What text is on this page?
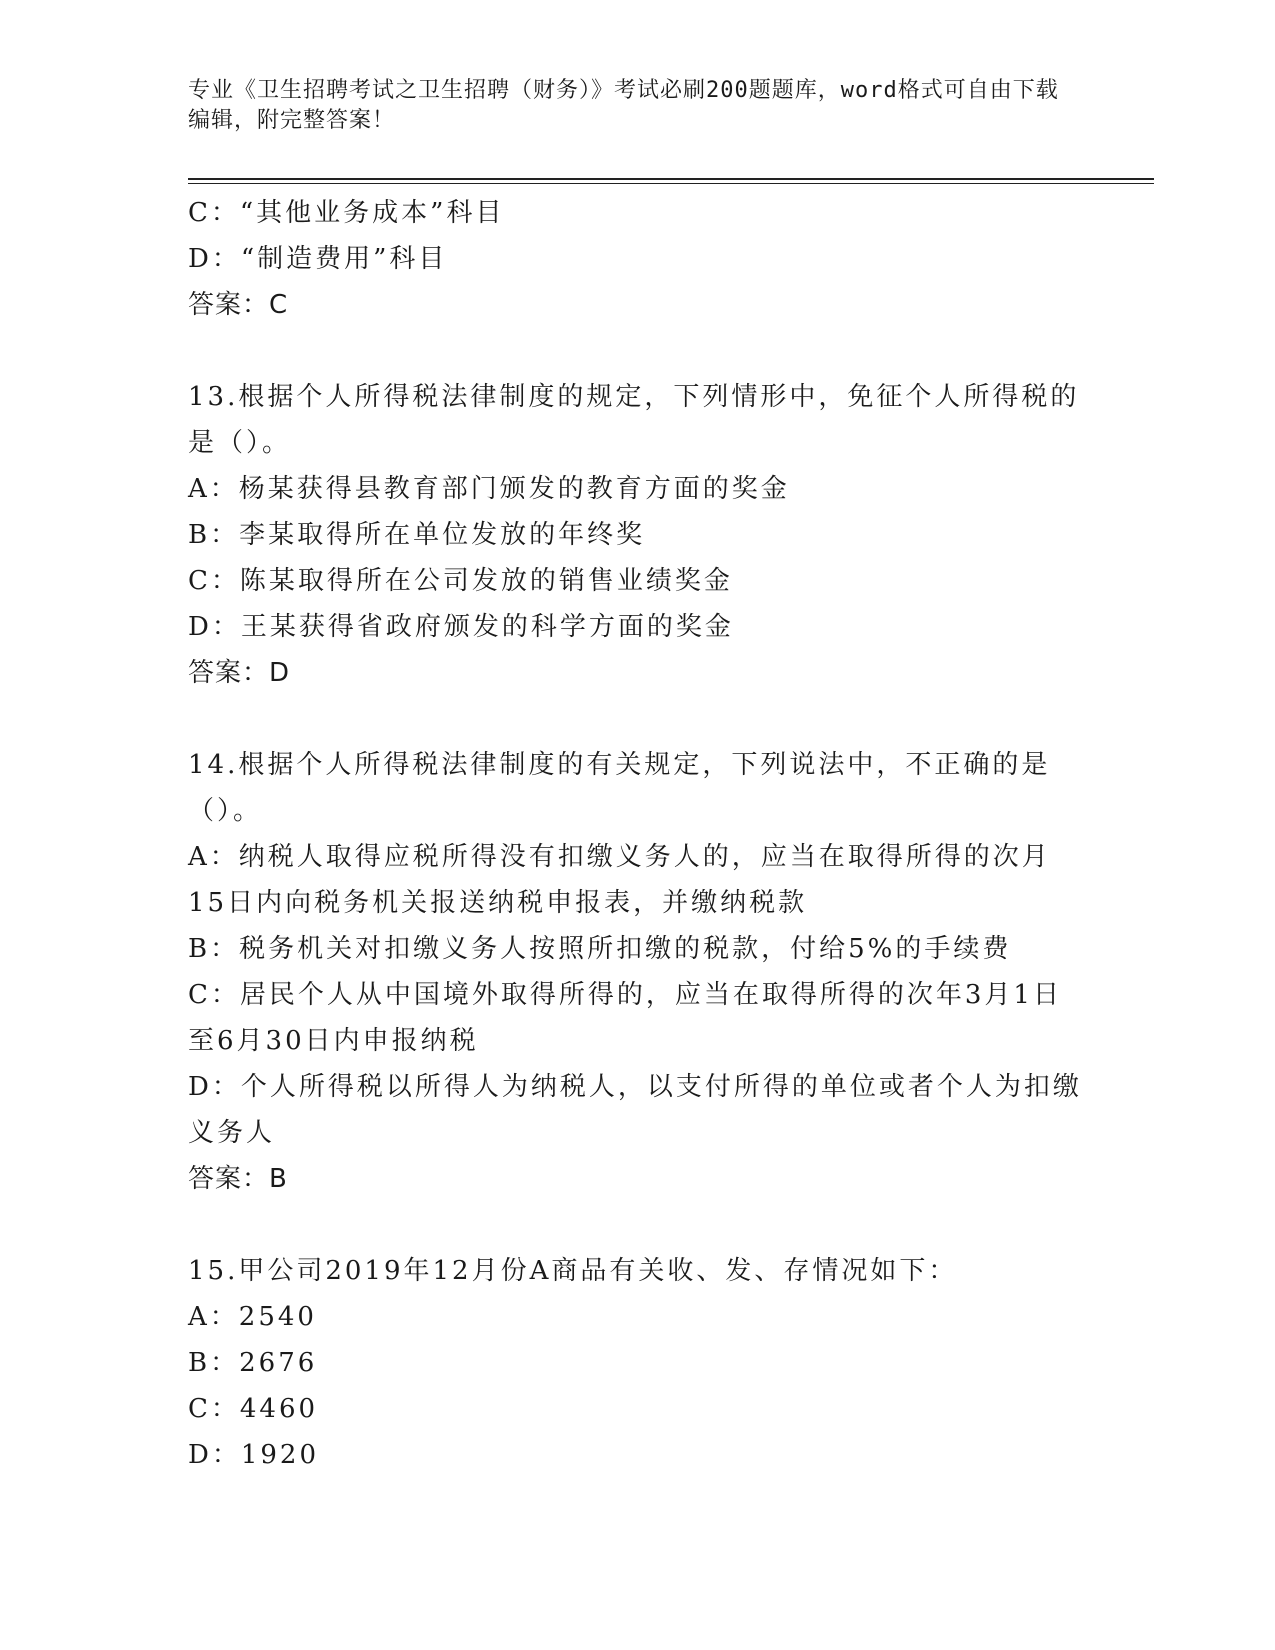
专业《卫生招聘考试之卫生招聘（财务）》考试必刷200题题库，word格式可自由下载编辑，附完整答案！
C：“其他业务成本”科目
D：“制造费用”科目
答案：C
13.根据个人所得税法律制度的规定，下列情形中，免征个人所得税的是（）。
A：杨某获得县教育部门颁发的教育方面的奖金
B：李某取得所在单位发放的年终奖
C：陈某取得所在公司发放的销售业绩奖金
D：王某获得省政府颁发的科学方面的奖金
答案：D
14.根据个人所得税法律制度的有关规定，下列说法中，不正确的是（）。
A：纳税人取得应税所得没有扣缴义务人的，应当在取得所得的次月15日内向税务机关报送纳税申报表，并缴纳税款
B：税务机关对扣缴义务人按照所扣缴的税款，付给5%的手续费
C：居民个人从中国境外取得所得的，应当在取得所得的次年3月1日至6月30日内申报纳税
D：个人所得税以所得人为纳税人，以支付所得的单位或者个人为扣缴义务人
答案：B
15.甲公司2019年12月份A商品有关收、发、存情况如下：
A：2540
B：2676
C：4460
D：1920
